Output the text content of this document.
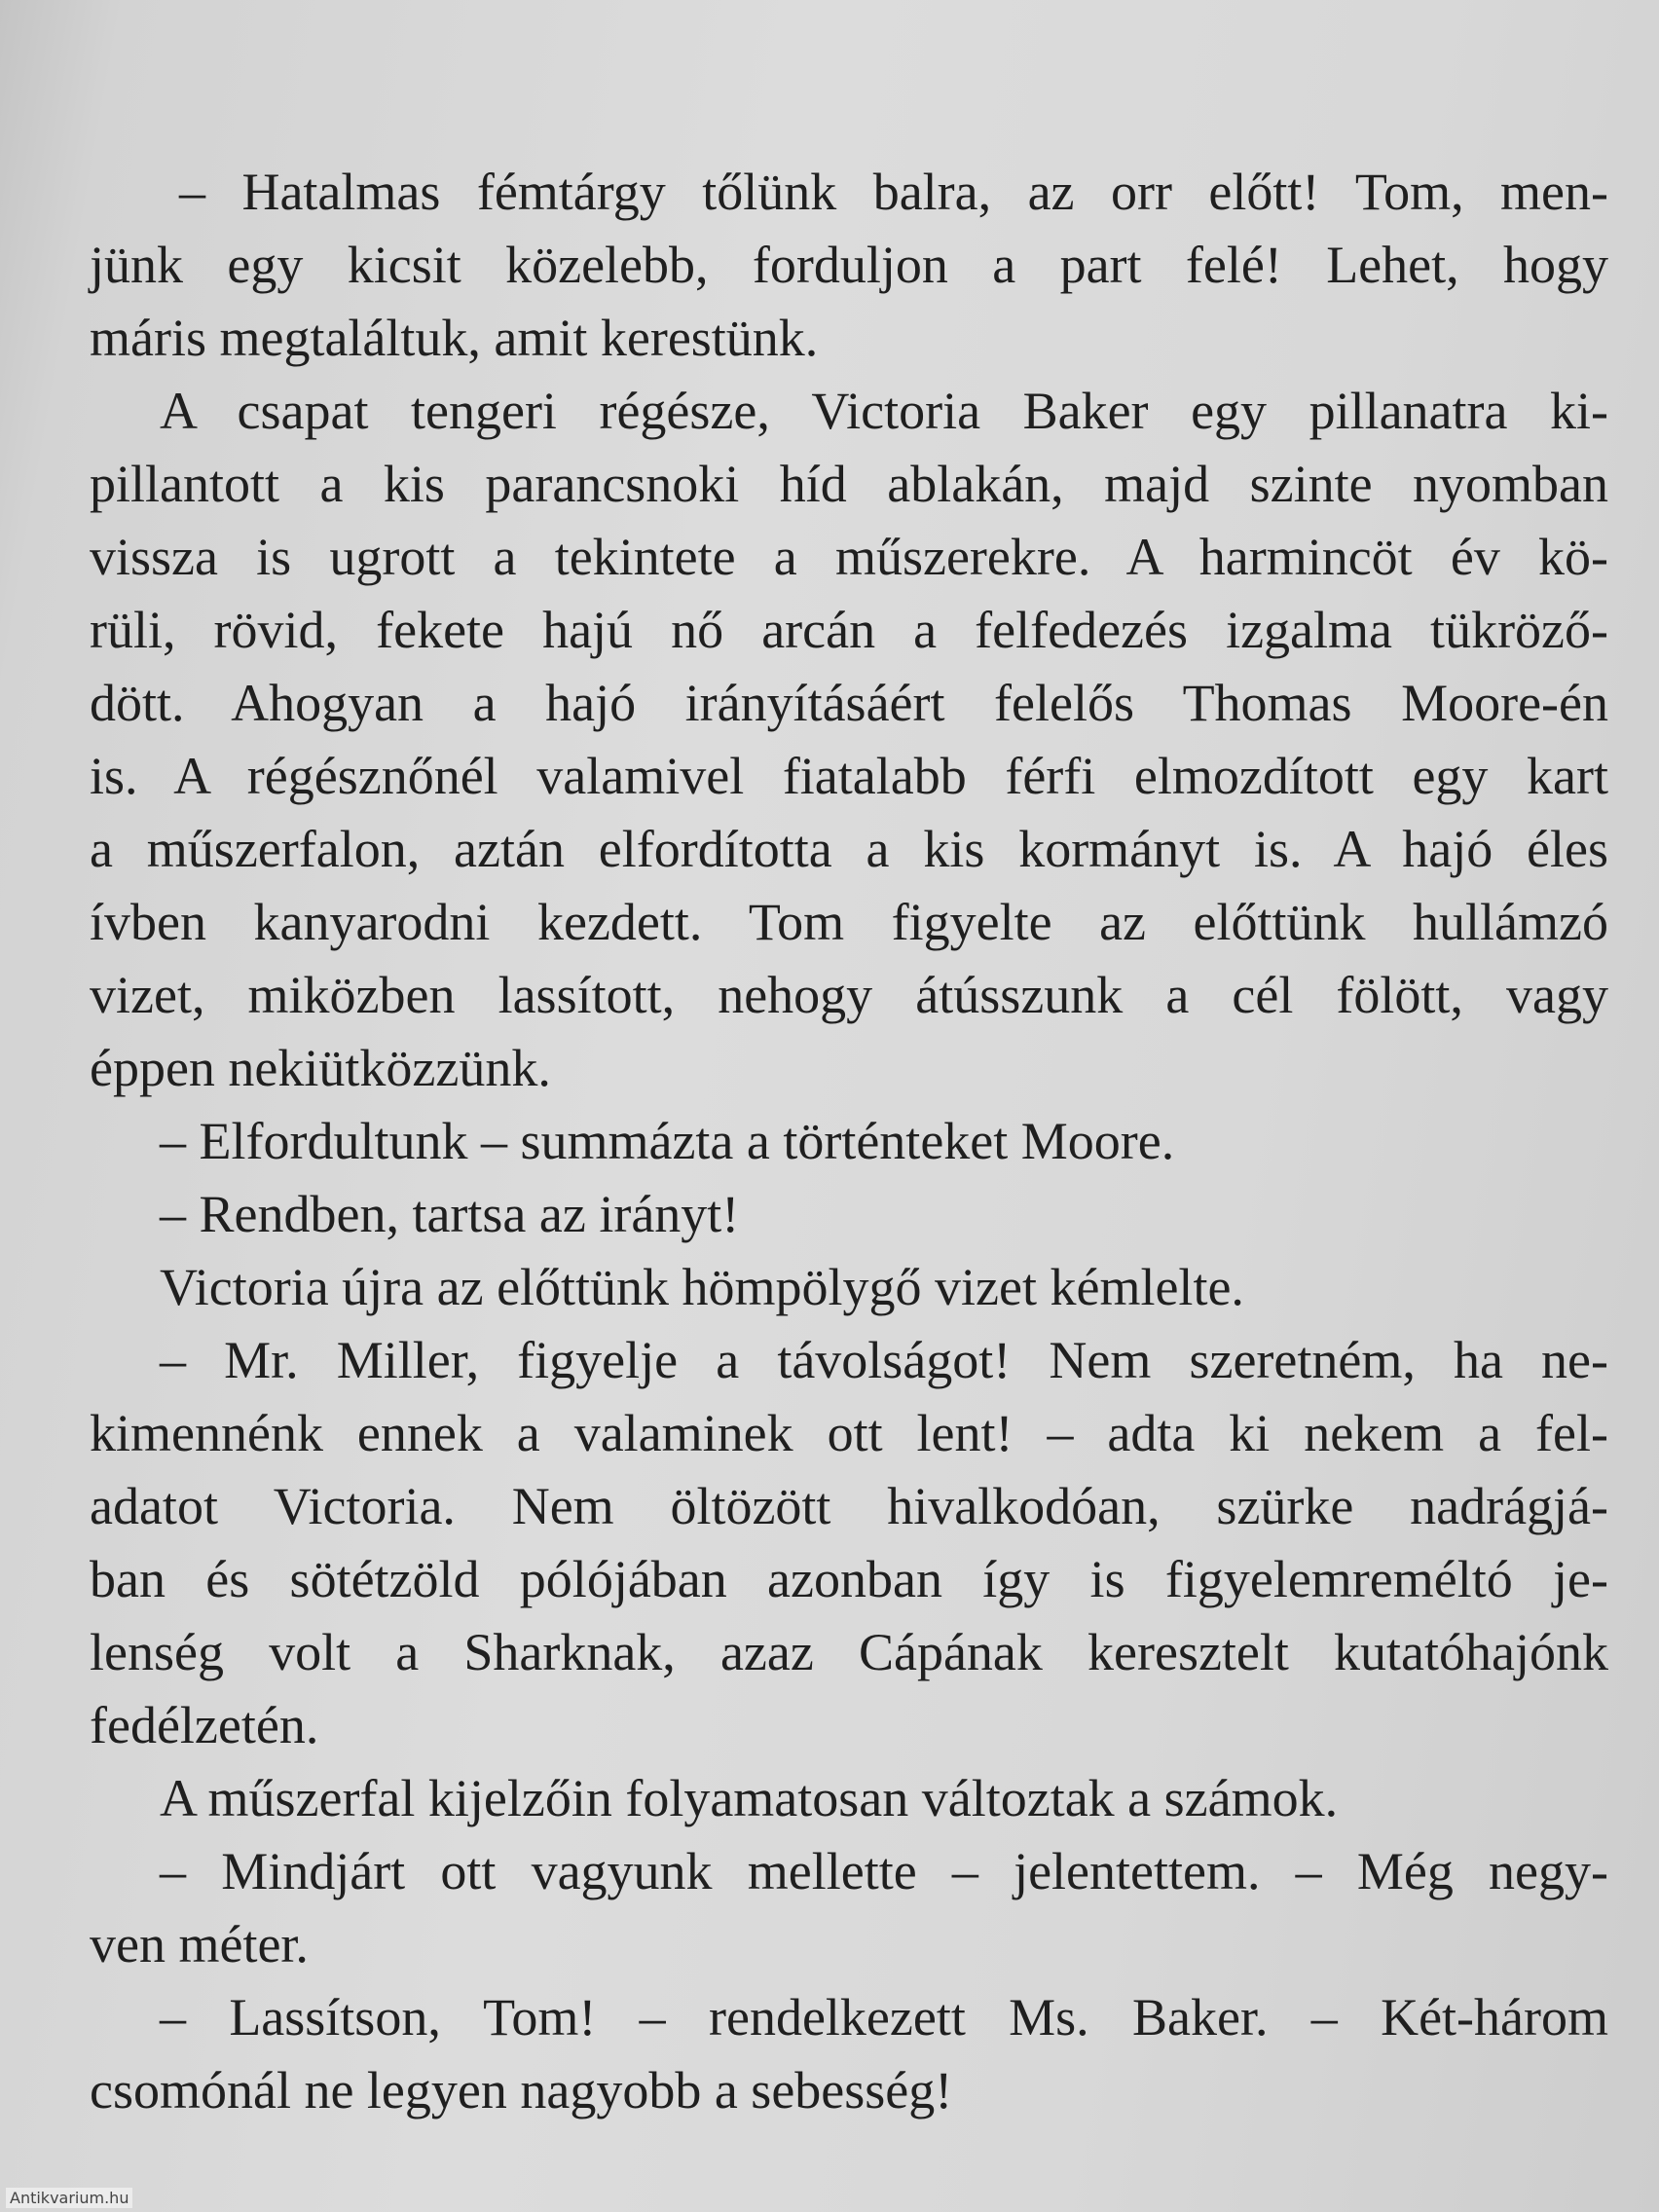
– Hatalmas fémtárgy tőlünk balra, az orr előtt! Tom, men-
jünk egy kicsit közelebb, forduljon a part felé! Lehet, hogy
máris megtaláltuk, amit kerestünk.
A csapat tengeri régésze, Victoria Baker egy pillanatra ki-
pillantott a kis parancsnoki híd ablakán, majd szinte nyomban
vissza is ugrott a tekintete a műszerekre. A harmincöt év kö-
rüli, rövid, fekete hajú nő arcán a felfedezés izgalma tükröző-
dött. Ahogyan a hajó irányításáért felelős Thomas Moore-én
is. A régésznőnél valamivel fiatalabb férfi elmozdított egy kart
a műszerfalon, aztán elfordította a kis kormányt is. A hajó éles
ívben kanyarodni kezdett. Tom figyelte az előttünk hullámzó
vizet, miközben lassított, nehogy átússzunk a cél fölött, vagy
éppen nekiütközzünk.
– Elfordultunk – summázta a történteket Moore.
– Rendben, tartsa az irányt!
Victoria újra az előttünk hömpölygő vizet kémlelte.
– Mr. Miller, figyelje a távolságot! Nem szeretném, ha ne-
kimennénk ennek a valaminek ott lent! – adta ki nekem a fel-
adatot Victoria. Nem öltözött hivalkodóan, szürke nadrágjá-
ban és sötétzöld pólójában azonban így is figyelemreméltó je-
lenség volt a Sharknak, azaz Cápának keresztelt kutatóhajónk
fedélzetén.
A műszerfal kijelzőin folyamatosan változtak a számok.
– Mindjárt ott vagyunk mellette – jelentettem. – Még negy-
ven méter.
– Lassítson, Tom! – rendelkezett Ms. Baker. – Két-három
csomónál ne legyen nagyobb a sebesség!
Antikvarium.hu
